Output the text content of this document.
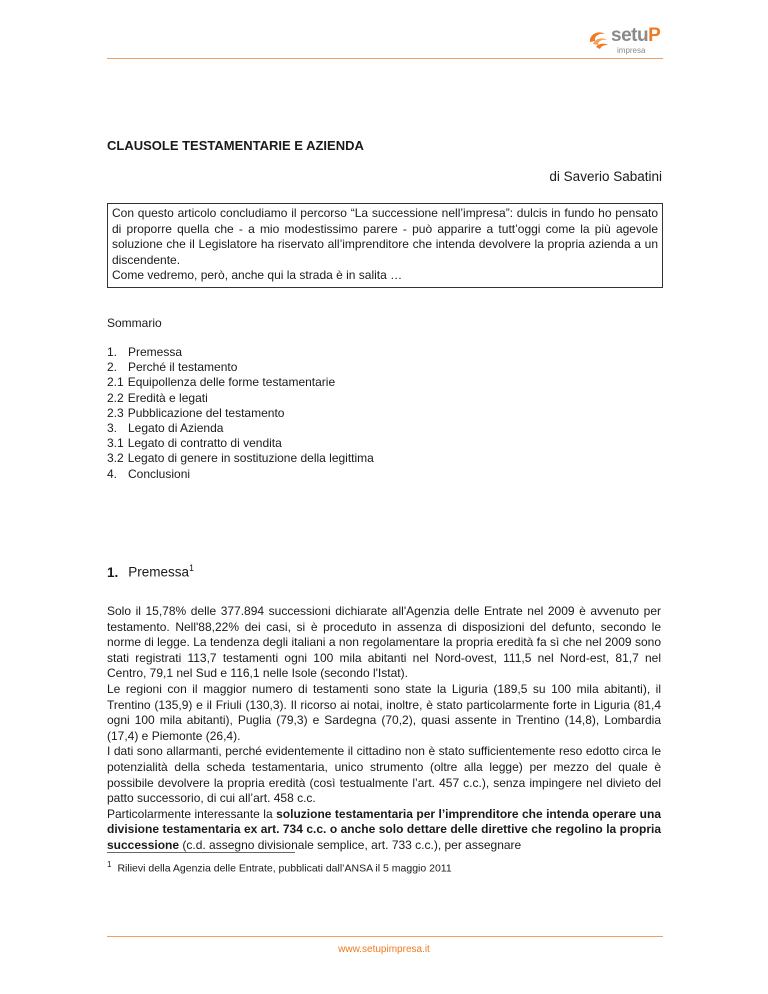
setuP
impresa
CLAUSOLE TESTAMENTARIE E AZIENDA
di Saverio Sabatini

Con questo articolo concludiamo il percorso “La successione nell’impresa”: dulcis in fundo ho pensato di proporre quella che - a mio modestissimo parere - può apparire a tutt’oggi come la più agevole soluzione che il Legislatore ha riservato all’imprenditore che intenda devolvere la propria azienda a un discendente.

Come vedremo, però, anche qui la strada è in salita …

Sommario
1. Premessa
2. Perché il testamento
2.1 Equipollenza delle forme testamentarie
2.2 Eredità e legati
2.3 Pubblicazione del testamento
3. Legato di Azienda
3.1 Legato di contratto di vendita
3.2 Legato di genere in sostituzione della legittima
4. Conclusioni
1. Premessa$^1$

Solo il 15,78% delle 377.894 successioni dichiarate all'Agenzia delle Entrate nel 2009 è avvenuto per testamento. Nell'88,22% dei casi, si è proceduto in assenza di disposizioni del defunto, secondo le norme di legge. La tendenza degli italiani a non regolamentare la propria eredità fa sì che nel 2009 sono stati registrati 113,7 testamenti ogni 100 mila abitanti nel Nord-ovest, 111,5 nel Nord-est, 81,7 nel Centro, 79,1 nel Sud e 116,1 nelle Isole (secondo l'Istat).

Le regioni con il maggior numero di testamenti sono state la Liguria (189,5 su 100 mila abitanti), il Trentino (135,9) e il Friuli (130,3). Il ricorso ai notai, inoltre, è stato particolarmente forte in Liguria (81,4 ogni 100 mila abitanti), Puglia (79,3) e Sardegna (70,2), quasi assente in Trentino (14,8), Lombardia (17,4) e Piemonte (26,4).

I dati sono allarmanti, perché evidentemente il cittadino non è stato sufficientemente reso edotto circa le potenzialità della scheda testamentaria, unico strumento (oltre alla legge) per mezzo del quale è possibile devolvere la propria eredità (così testualmente l’art. 457 c.c.), senza impingere nel divieto del patto successorio, di cui all’art. 458 c.c.

Particolarmente interessante la soluzione testamentaria per l’imprenditore che intenda operare una divisione testamentaria ex art. 734 c.c. o anche solo dettare delle direttive che regolino la propria successione (c.d. assegno divisionale semplice, art. 733 c.c.), per assegnare

$^1$ Rilievi della Agenzia delle Entrate, pubblicati dall’ANSA il 5 maggio 2011
www.setupimpresa.it
